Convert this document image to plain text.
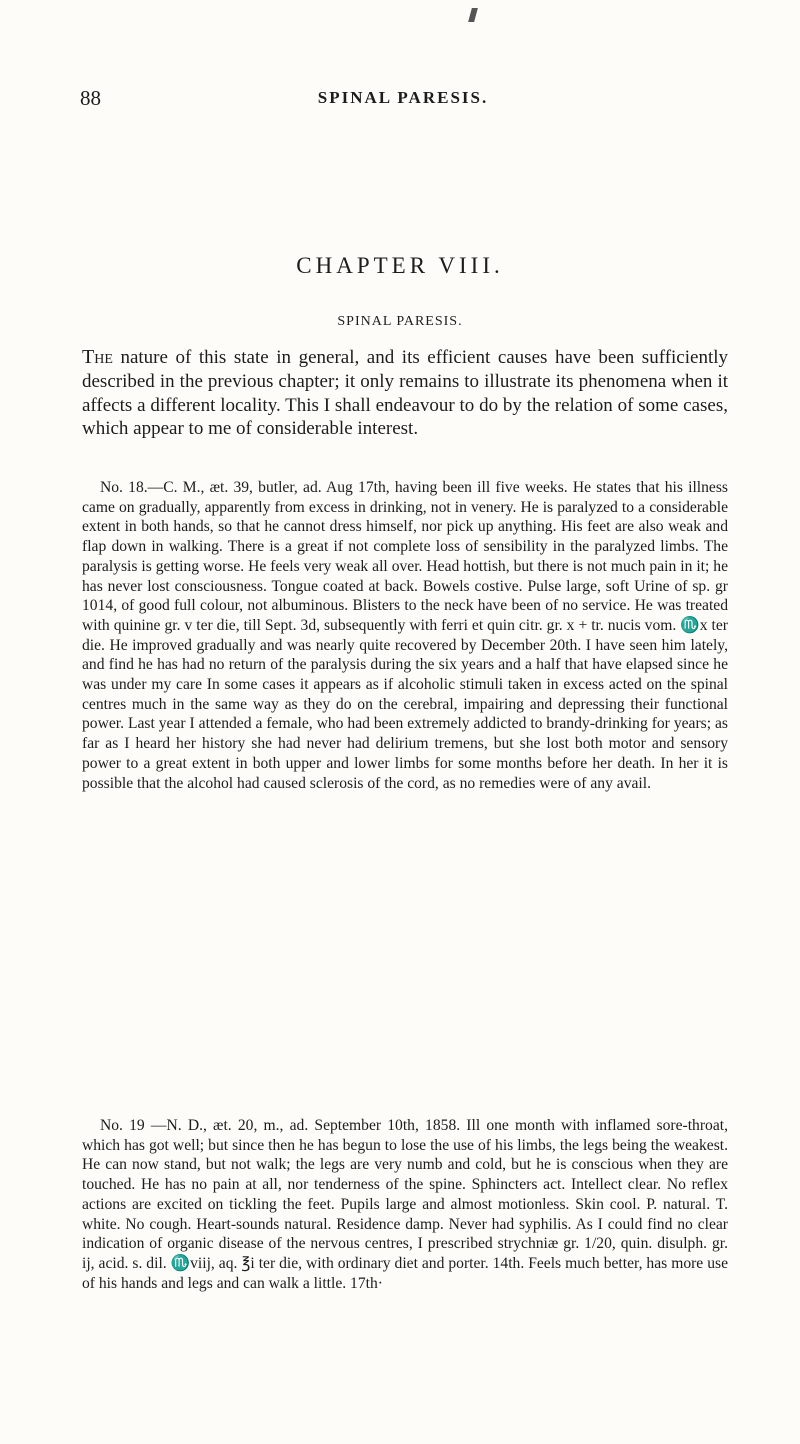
88	SPINAL PARESIS.
CHAPTER VIII.
SPINAL PARESIS.

The nature of this state in general, and its efficient causes have been sufficiently described in the previous chapter; it only remains to illustrate its phenomena when it affects a different locality. This I shall endeavour to do by the relation of some cases, which appear to me of considerable interest.

No. 18.—C. M., æt. 39, butler, ad. Aug 17th, having been ill five weeks. He states that his illness came on gradually, apparently from excess in drinking, not in venery. He is paralyzed to a considerable extent in both hands, so that he cannot dress himself, nor pick up anything. His feet are also weak and flap down in walking. There is a great if not complete loss of sensibility in the paralyzed limbs. The paralysis is getting worse. He feels very weak all over. Head hottish, but there is not much pain in it; he has never lost consciousness. Tongue coated at back. Bowels costive. Pulse large, soft Urine of sp. gr 1014, of good full colour, not albuminous. Blisters to the neck have been of no service. He was treated with quinine gr. v ter die, till Sept. 3d, subsequently with ferri et quin citr. gr. x + tr. nucis vom. ♏x ter die. He improved gradually and was nearly quite recovered by December 20th. I have seen him lately, and find he has had no return of the paralysis during the six years and a half that have elapsed since he was under my care In some cases it appears as if alcoholic stimuli taken in excess acted on the spinal centres much in the same way as they do on the cerebral, impairing and depressing their functional power. Last year I attended a female, who had been extremely addicted to brandy-drinking for years; as far as I heard her history she had never had delirium tremens, but she lost both motor and sensory power to a great extent in both upper and lower limbs for some months before her death. In her it is possible that the alcohol had caused sclerosis of the cord, as no remedies were of any avail.

No. 19 —N. D., æt. 20, m., ad. September 10th, 1858. Ill one month with inflamed sore-throat, which has got well; but since then he has begun to lose the use of his limbs, the legs being the weakest. He can now stand, but not walk; the legs are very numb and cold, but he is conscious when they are touched. He has no pain at all, nor tenderness of the spine. Sphincters act. Intellect clear. No reflex actions are excited on tickling the feet. Pupils large and almost motionless. Skin cool. P. natural. T. white. No cough. Heart-sounds natural. Residence damp. Never had syphilis. As I could find no clear indication of organic disease of the nervous centres, I prescribed strychniæ gr. 1/20, quin. disulph. gr. ij, acid. s. dil. ♏viij, aq. ℥i ter die, with ordinary diet and porter. 14th. Feels much better, has more use of his hands and legs and can walk a little. 17th·
